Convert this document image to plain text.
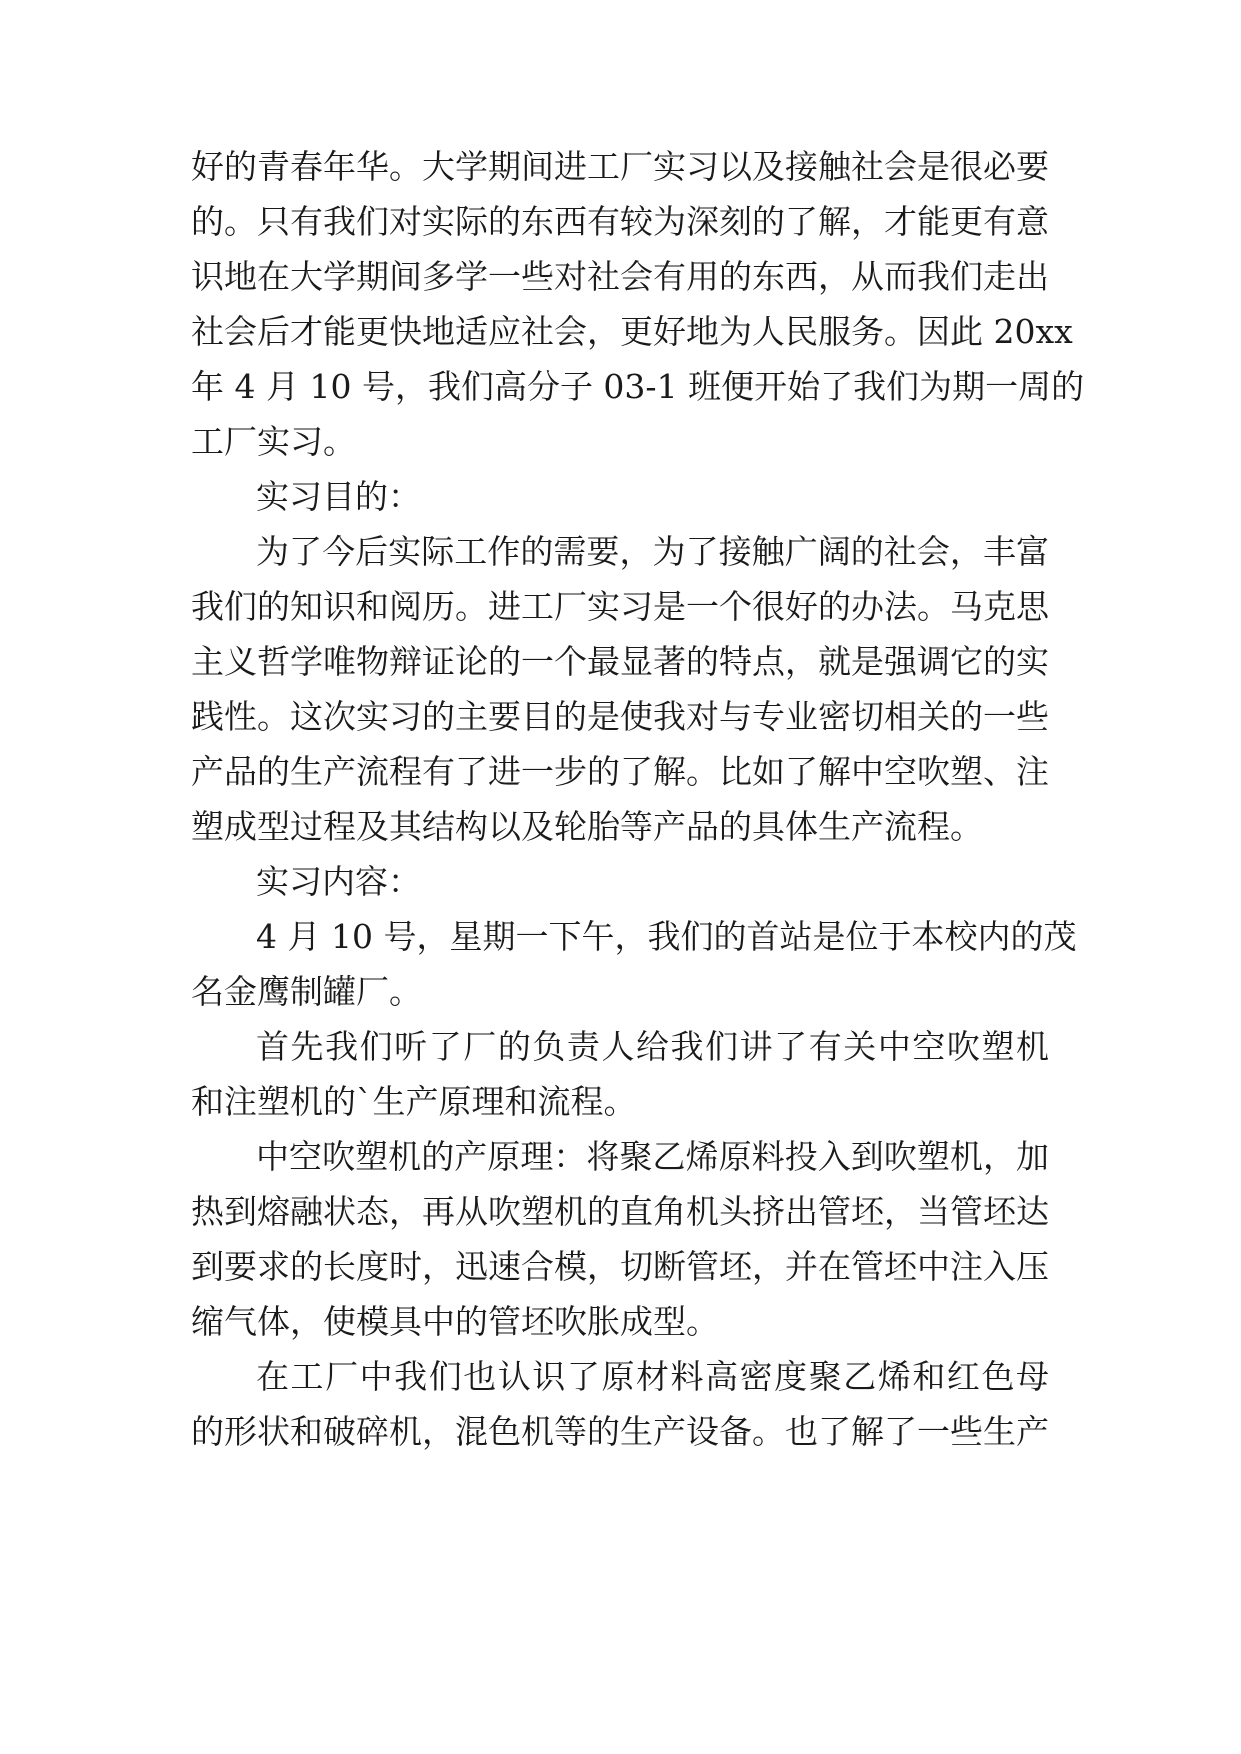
好的青春年华。大学期间进工厂实习以及接触社会是很必要

的。只有我们对实际的东西有较为深刻的了解，才能更有意

识地在大学期间多学一些对社会有用的东西，从而我们走出

社会后才能更快地适应社会，更好地为人民服务。因此 20xx

年 4 月 10 号，我们高分子 03-1 班便开始了我们为期一周的

工厂实习。

实习目的：

为了今后实际工作的需要，为了接触广阔的社会，丰富

我们的知识和阅历。进工厂实习是一个很好的办法。马克思

主义哲学唯物辩证论的一个最显著的特点，就是强调它的实

践性。这次实习的主要目的是使我对与专业密切相关的一些

产品的生产流程有了进一步的了解。比如了解中空吹塑、注

塑成型过程及其结构以及轮胎等产品的具体生产流程。

实习内容：

4 月 10 号，星期一下午，我们的首站是位于本校内的茂

名金鹰制罐厂。

首先我们听了厂的负责人给我们讲了有关中空吹塑机

和注塑机的`生产原理和流程。

中空吹塑机的产原理：将聚乙烯原料投入到吹塑机，加

热到熔融状态，再从吹塑机的直角机头挤出管坯，当管坯达

到要求的长度时，迅速合模，切断管坯，并在管坯中注入压

缩气体，使模具中的管坯吹胀成型。

在工厂中我们也认识了原材料高密度聚乙烯和红色母

的形状和破碎机，混色机等的生产设备。也了解了一些生产
